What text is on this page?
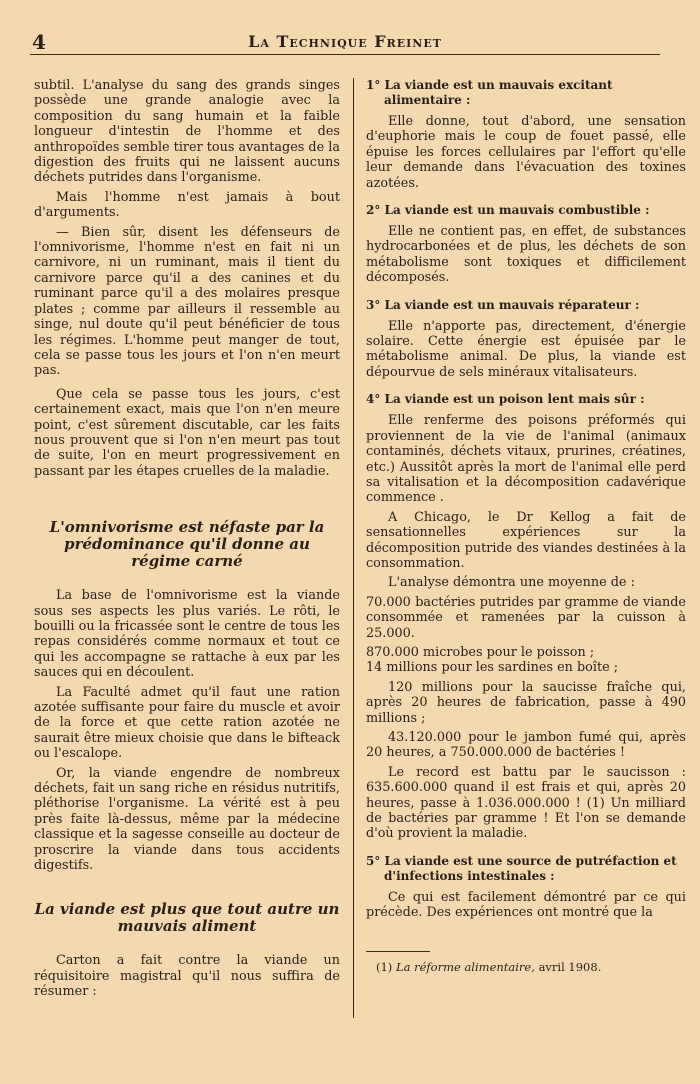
4	La Technique Freinet

subtil. L'analyse du sang des grands singes possède une grande analogie avec la composition du sang humain et la faible longueur d'intestin de l'homme et des anthropoïdes semble tirer tous avantages de la digestion des fruits qui ne laissent aucuns déchets putrides dans l'organisme.

Mais l'homme n'est jamais à bout d'arguments.

— Bien sûr, disent les défenseurs de l'omnivorisme, l'homme n'est en fait ni un carnivore, ni un ruminant, mais il tient du carnivore parce qu'il a des canines et du ruminant parce qu'il a des molaires presque plates ; comme par ailleurs il ressemble au singe, nul doute qu'il peut bénéficier de tous les régimes. L'homme peut manger de tout, cela se passe tous les jours et l'on n'en meurt pas.

Que cela se passe tous les jours, c'est certainement exact, mais que l'on n'en meure point, c'est sûrement discutable, car les faits nous prouvent que si l'on n'en meurt pas tout de suite, l'on en meurt progressivement en passant par les étapes cruelles de la maladie.

L'omnivorisme est néfaste par la prédominance qu'il donne au régime carné

La base de l'omnivorisme est la viande sous ses aspects les plus variés. Le rôti, le bouilli ou la fricassée sont le centre de tous les repas considérés comme normaux et tout ce qui les accompagne se rattache à eux par les sauces qui en découlent.

La Faculté admet qu'il faut une ration azotée suffisante pour faire du muscle et avoir de la force et que cette ration azotée ne saurait être mieux choisie que dans le bifteack ou l'escalope.

Or, la viande engendre de nombreux déchets, fait un sang riche en résidus nutritifs, pléthorise l'organisme. La vérité est à peu près faite là-dessus, même par la médecine classique et la sagesse conseille au docteur de proscrire la viande dans tous accidents digestifs.

La viande est plus que tout autre un mauvais aliment

Carton a fait contre la viande un réquisitoire magistral qu'il nous suffira de résumer :

1° La viande est un mauvais excitant alimentaire :

Elle donne, tout d'abord, une sensation d'euphorie mais le coup de fouet passé, elle épuise les forces cellulaires par l'effort qu'elle leur demande dans l'évacuation des toxines azotées.

2° La viande est un mauvais combustible :

Elle ne contient pas, en effet, de substances hydrocarbonées et de plus, les déchets de son métabolisme sont toxiques et difficilement décomposés.

3° La viande est un mauvais réparateur :

Elle n'apporte pas, directement, d'énergie solaire. Cette énergie est épuisée par le métabolisme animal. De plus, la viande est dépourvue de sels minéraux vitalisateurs.

4° La viande est un poison lent mais sûr :

Elle renferme des poisons préformés qui proviennent de la vie de l'animal (animaux contaminés, déchets vitaux, prurines, créatines, etc.) Aussitôt après la mort de l'animal elle perd sa vitalisation et la décomposition cadavérique commence .

A Chicago, le Dr Kellog a fait de sensationnelles expériences sur la décomposition putride des viandes destinées à la consommation.

L'analyse démontra une moyenne de :

70.000 bactéries putrides par gramme de viande consommée et ramenées par la cuisson à 25.000.

870.000 microbes pour le poisson ;

14 millions pour les sardines en boîte ;

120 millions pour la saucisse fraîche qui, après 20 heures de fabrication, passe à 490 millions ;

43.120.000 pour le jambon fumé qui, après 20 heures, a 750.000.000 de bactéries !

Le record est battu par le saucisson : 635.600.000 quand il est frais et qui, après 20 heures, passe à 1.036.000.000 ! (1) Un milliard de bactéries par gramme ! Et l'on se demande d'où provient la maladie.

5° La viande est une source de putréfaction et d'infections intestinales :

Ce qui est facilement démontré par ce qui précède. Des expériences ont montré que la

(1) La réforme alimentaire, avril 1908.
